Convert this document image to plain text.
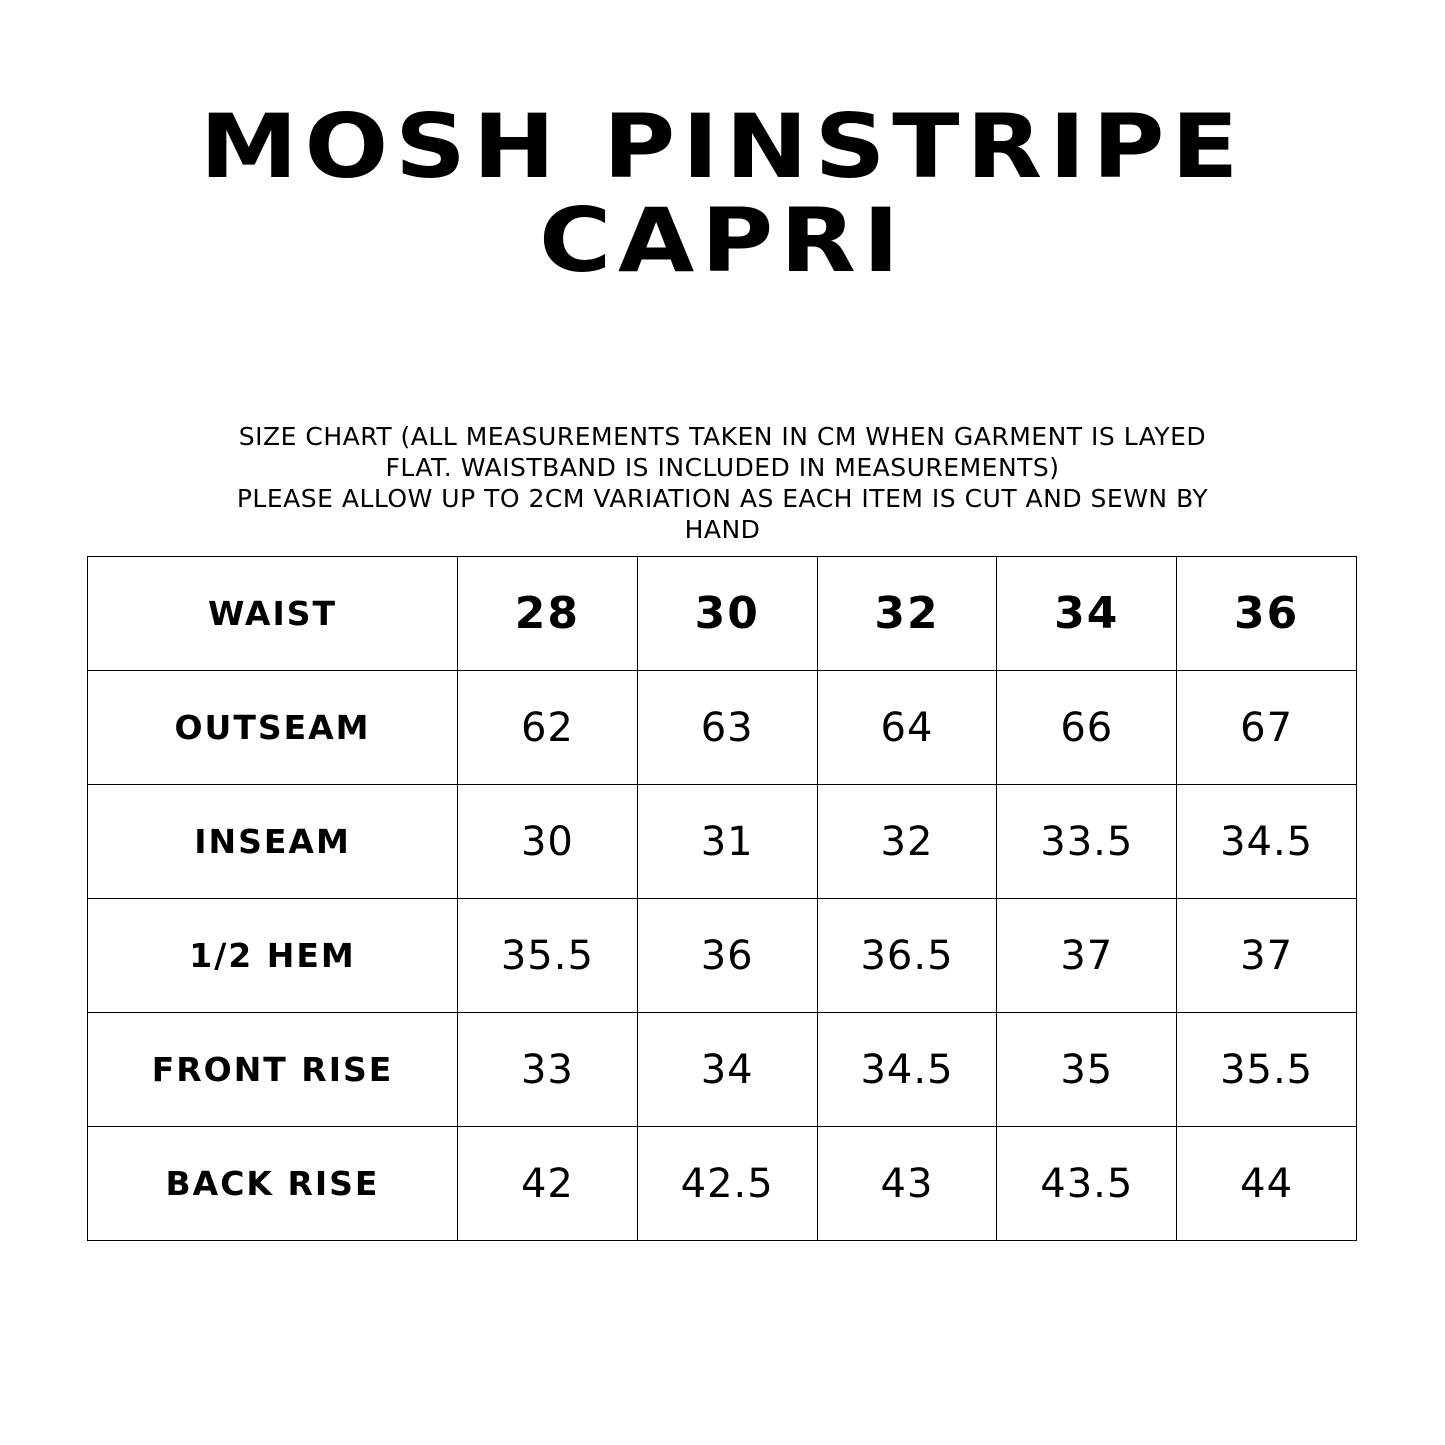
MOSH PINSTRIPE
CAPRI
SIZE CHART (ALL MEASUREMENTS TAKEN IN CM WHEN GARMENT IS LAYED
FLAT. WAISTBAND IS INCLUDED IN MEASUREMENTS)
PLEASE ALLOW UP TO 2CM VARIATION AS EACH ITEM IS CUT AND SEWN BY
HAND
WAIST	28	30	32	34	36
OUTSEAM	62	63	64	66	67
INSEAM	30	31	32	33.5	34.5
1/2 HEM	35.5	36	36.5	37	37
FRONT RISE	33	34	34.5	35	35.5
BACK RISE	42	42.5	43	43.5	44
